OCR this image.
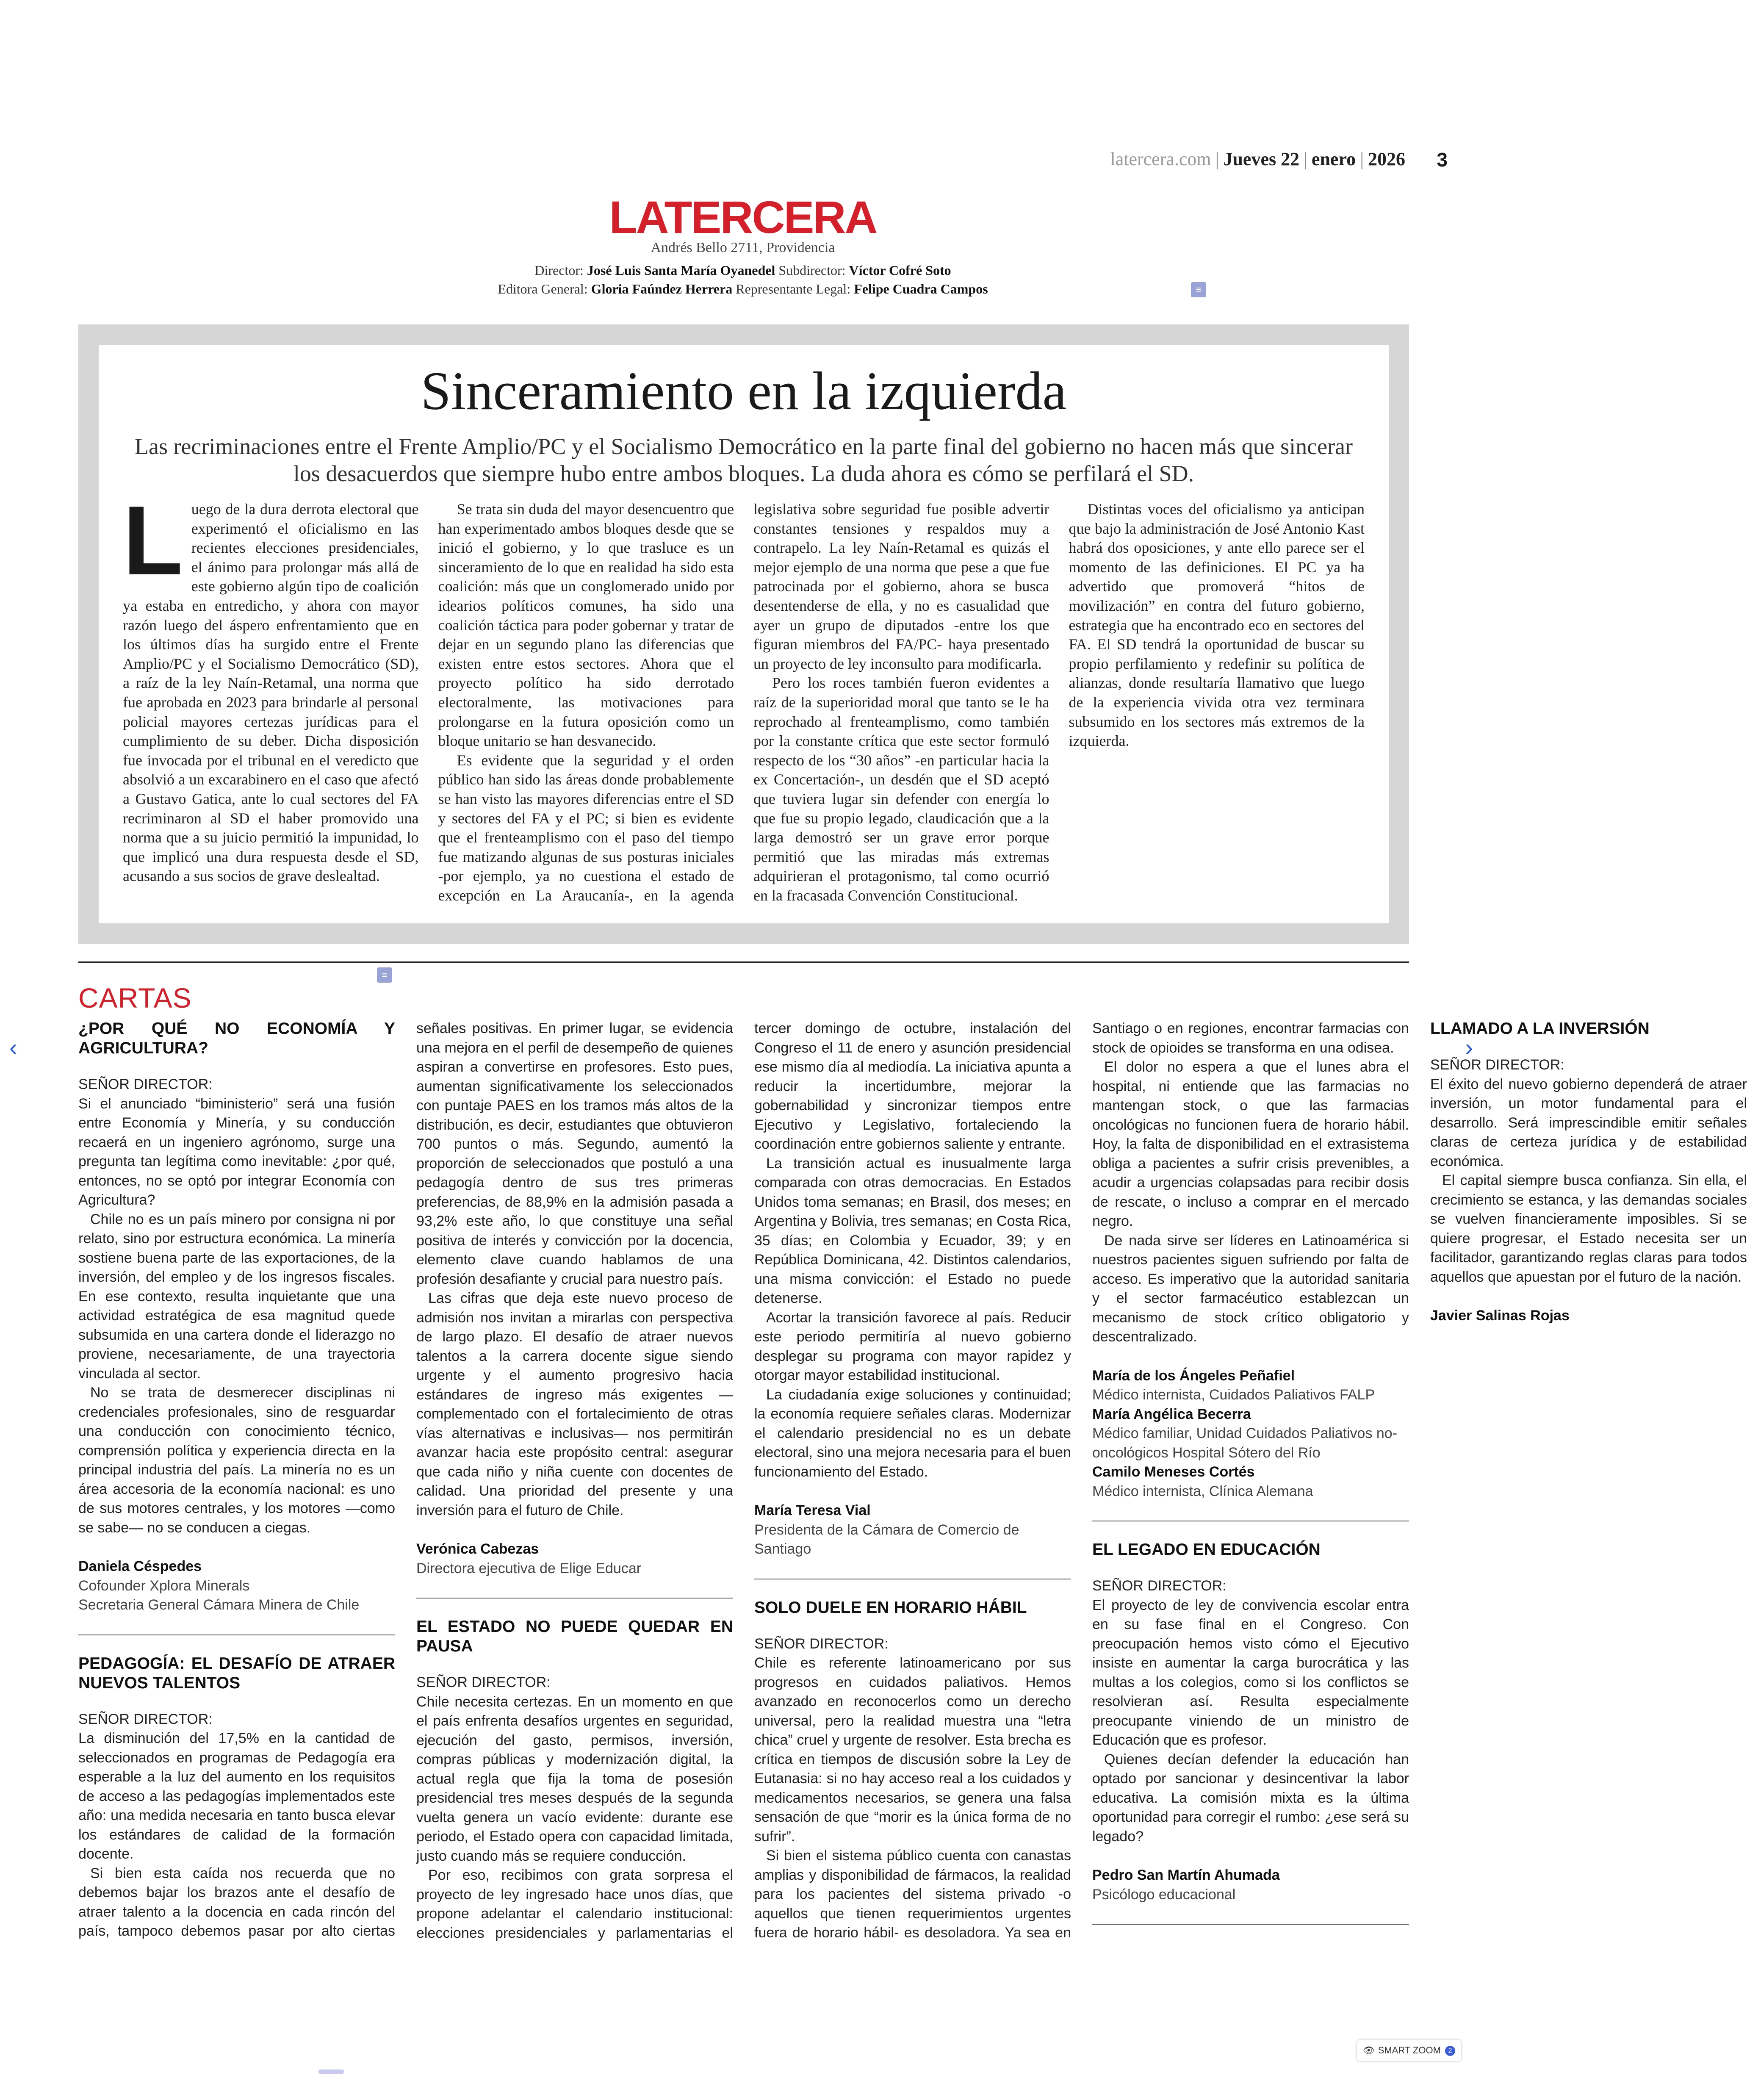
latercera.com | Jueves 22 | enero | 2026 3
LATERCERA
Andrés Bello 2711, Providencia
Director: José Luis Santa María Oyanedel Subdirector: Víctor Cofré Soto
Editora General: Gloria Faúndez Herrera Representante Legal: Felipe Cuadra Campos	≡
Sinceramiento en la izquierda
Las recriminaciones entre el Frente Amplio/PC y el Socialismo Democrático en la parte final del gobierno no hacen más que sincerar los desacuerdos que siempre hubo entre ambos bloques. La duda ahora es cómo se perfilará el SD.
L uego de la dura derrota electoral que experimentó el oficialismo en las recientes elecciones presidenciales, el ánimo para prolongar más allá de este gobierno algún tipo de coalición ya estaba en entredicho, y ahora con mayor razón luego del áspero enfrentamiento que en los últimos días ha surgido entre el Frente Amplio/PC y el Socialismo Democrático (SD), a raíz de la ley Naín-Retamal, una norma que fue aprobada en 2023 para brindarle al personal policial mayores certezas jurídicas para el cumplimiento de su deber. Dicha disposición fue invocada por el tribunal en el veredicto que absolvió a un excarabinero en el caso que afectó a Gustavo Gatica, ante lo cual sectores del FA recriminaron al SD el haber promovido una norma que a su juicio permitió la impunidad, lo que implicó una dura respuesta desde el SD, acusando a sus socios de grave deslealtad.

Se trata sin duda del mayor desencuentro que han experimentado ambos bloques desde que se inició el gobierno, y lo que trasluce es un sinceramiento de lo que en realidad ha sido esta coalición: más que un conglomerado unido por idearios políticos comunes, ha sido una coalición táctica para poder gobernar y tratar de dejar en un segundo plano las diferencias que existen entre estos sectores. Ahora que el proyecto político ha sido derrotado electoralmente, las motivaciones para prolongarse en la futura oposición como un bloque unitario se han desvanecido.

Es evidente que la seguridad y el orden público han sido las áreas donde probablemente se han visto las mayores diferencias entre el SD y sectores del FA y el PC; si bien es evidente que el frenteamplismo con el paso del tiempo fue matizando algunas de sus posturas iniciales -por ejemplo, ya no cuestiona el estado de excepción en La Araucanía-, en la agenda legislativa sobre seguridad fue posible advertir constantes tensiones y respaldos muy a contrapelo. La ley Naín-Retamal es quizás el mejor ejemplo de una norma que pese a que fue patrocinada por el gobierno, ahora se busca desentenderse de ella, y no es casualidad que ayer un grupo de diputados -entre los que figuran miembros del FA/PC- haya presentado un proyecto de ley inconsulto para modificarla.

Pero los roces también fueron evidentes a raíz de la superioridad moral que tanto se le ha reprochado al frenteamplismo, como también por la constante crítica que este sector formuló respecto de los “30 años” -en particular hacia la ex Concertación-, un desdén que el SD aceptó que tuviera lugar sin defender con energía lo que fue su propio legado, claudicación que a la larga demostró ser un grave error porque permitió que las miradas más extremas adquirieran el protagonismo, tal como ocurrió en la fracasada Convención Constitucional.

Distintas voces del oficialismo ya anticipan que bajo la administración de José Antonio Kast habrá dos oposiciones, y ante ello parece ser el momento de las definiciones. El PC ya ha advertido que promoverá “hitos de movilización” en contra del futuro gobierno, estrategia que ha encontrado eco en sectores del FA. El SD tendrá la oportunidad de buscar su propio perfilamiento y redefinir su política de alianzas, donde resultaría llamativo que luego de la experiencia vivida otra vez terminara subsumido en los sectores más extremos de la izquierda.

CARTAS
≡

¿POR QUÉ NO ECONOMÍA Y AGRICULTURA?

SEÑOR DIRECTOR:

Si el anunciado “biministerio” será una fusión entre Economía y Minería, y su conducción recaerá en un ingeniero agrónomo, surge una pregunta tan legítima como inevitable: ¿por qué, entonces, no se optó por integrar Economía con Agricultura?

Chile no es un país minero por consigna ni por relato, sino por estructura económica. La minería sostiene buena parte de las exportaciones, de la inversión, del empleo y de los ingresos fiscales. En ese contexto, resulta inquietante que una actividad estratégica de esa magnitud quede subsumida en una cartera donde el liderazgo no proviene, necesariamente, de una trayectoria vinculada al sector.

No se trata de desmerecer disciplinas ni credenciales profesionales, sino de resguardar una conducción con conocimiento técnico, comprensión política y experiencia directa en la principal industria del país. La minería no es un área accesoria de la economía nacional: es uno de sus motores centrales, y los motores —como se sabe— no se conducen a ciegas.

Daniela Céspedes

Cofounder Xplora Minerals

Secretaria General Cámara Minera de Chile

PEDAGOGÍA: EL DESAFÍO DE ATRAER NUEVOS TALENTOS

SEÑOR DIRECTOR:

La disminución del 17,5% en la cantidad de seleccionados en programas de Pedagogía era esperable a la luz del aumento en los requisitos de acceso a las pedagogías implementados este año: una medida necesaria en tanto busca elevar los estándares de calidad de la formación docente.

Si bien esta caída nos recuerda que no debemos bajar los brazos ante el desafío de atraer talento a la docencia en cada rincón del país, tampoco debemos pasar por alto ciertas señales positivas. En primer lugar, se evidencia una mejora en el perfil de desempeño de quienes aspiran a convertirse en profesores. Esto pues, aumentan significativamente los seleccionados con puntaje PAES en los tramos más altos de la distribución, es decir, estudiantes que obtuvieron 700 puntos o más. Segundo, aumentó la proporción de seleccionados que postuló a una pedagogía dentro de sus tres primeras preferencias, de 88,9% en la admisión pasada a 93,2% este año, lo que constituye una señal positiva de interés y convicción por la docencia, elemento clave cuando hablamos de una profesión desafiante y crucial para nuestro país.

Las cifras que deja este nuevo proceso de admisión nos invitan a mirarlas con perspectiva de largo plazo. El desafío de atraer nuevos talentos a la carrera docente sigue siendo urgente y el aumento progresivo hacia estándares de ingreso más exigentes —complementado con el fortalecimiento de otras vías alternativas e inclusivas— nos permitirán avanzar hacia este propósito central: asegurar que cada niño y niña cuente con docentes de calidad. Una prioridad del presente y una inversión para el futuro de Chile.

Verónica Cabezas

Directora ejecutiva de Elige Educar

EL ESTADO NO PUEDE QUEDAR EN PAUSA

SEÑOR DIRECTOR:

Chile necesita certezas. En un momento en que el país enfrenta desafíos urgentes en seguridad, ejecución del gasto, permisos, inversión, compras públicas y modernización digital, la actual regla que fija la toma de posesión presidencial tres meses después de la segunda vuelta genera un vacío evidente: durante ese periodo, el Estado opera con capacidad limitada, justo cuando más se requiere conducción.

Por eso, recibimos con grata sorpresa el proyecto de ley ingresado hace unos días, que propone adelantar el calendario institucional: elecciones presidenciales y parlamentarias el tercer domingo de octubre, instalación del Congreso el 11 de enero y asunción presidencial ese mismo día al mediodía. La iniciativa apunta a reducir la incertidumbre, mejorar la gobernabilidad y sincronizar tiempos entre Ejecutivo y Legislativo, fortaleciendo la coordinación entre gobiernos saliente y entrante.

La transición actual es inusualmente larga comparada con otras democracias. En Estados Unidos toma semanas; en Brasil, dos meses; en Argentina y Bolivia, tres semanas; en Costa Rica, 35 días; en Colombia y Ecuador, 39; y en República Dominicana, 42. Distintos calendarios, una misma convicción: el Estado no puede detenerse.

Acortar la transición favorece al país. Reducir este periodo permitiría al nuevo gobierno desplegar su programa con mayor rapidez y otorgar mayor estabilidad institucional.

La ciudadanía exige soluciones y continuidad; la economía requiere señales claras. Modernizar el calendario presidencial no es un debate electoral, sino una mejora necesaria para el buen funcionamiento del Estado.

María Teresa Vial

Presidenta de la Cámara de Comercio de Santiago

SOLO DUELE EN HORARIO HÁBIL

SEÑOR DIRECTOR:

Chile es referente latinoamericano por sus progresos en cuidados paliativos. Hemos avanzado en reconocerlos como un derecho universal, pero la realidad muestra una “letra chica” cruel y urgente de resolver. Esta brecha es crítica en tiempos de discusión sobre la Ley de Eutanasia: si no hay acceso real a los cuidados y medicamentos necesarios, se genera una falsa sensación de que “morir es la única forma de no sufrir”.

Si bien el sistema público cuenta con canastas amplias y disponibilidad de fármacos, la realidad para los pacientes del sistema privado -o aquellos que tienen requerimientos urgentes fuera de horario hábil- es desoladora. Ya sea en Santiago o en regiones, encontrar farmacias con stock de opioides se transforma en una odisea.

El dolor no espera a que el lunes abra el hospital, ni entiende que las farmacias no mantengan stock, o que las farmacias oncológicas no funcionen fuera de horario hábil. Hoy, la falta de disponibilidad en el extrasistema obliga a pacientes a sufrir crisis prevenibles, a acudir a urgencias colapsadas para recibir dosis de rescate, o incluso a comprar en el mercado negro.

De nada sirve ser líderes en Latinoamérica si nuestros pacientes siguen sufriendo por falta de acceso. Es imperativo que la autoridad sanitaria y el sector farmacéutico establezcan un mecanismo de stock crítico obligatorio y descentralizado.

María de los Ángeles Peñafiel

Médico internista, Cuidados Paliativos FALP

María Angélica Becerra

Médico familiar, Unidad Cuidados Paliativos no-oncológicos Hospital Sótero del Río

Camilo Meneses Cortés

Médico internista, Clínica Alemana

EL LEGADO EN EDUCACIÓN

SEÑOR DIRECTOR:

El proyecto de ley de convivencia escolar entra en su fase final en el Congreso. Con preocupación hemos visto cómo el Ejecutivo insiste en aumentar la carga burocrática y las multas a los colegios, como si los conflictos se resolvieran así. Resulta especialmente preocupante viniendo de un ministro de Educación que es profesor.

Quienes decían defender la educación han optado por sancionar y desincentivar la labor educativa. La comisión mixta es la última oportunidad para corregir el rumbo: ¿ese será su legado?

Pedro San Martín Ahumada

Psicólogo educacional

LLAMADO A LA INVERSIÓN

SEÑOR DIRECTOR:

El éxito del nuevo gobierno dependerá de atraer inversión, un motor fundamental para el desarrollo. Será imprescindible emitir señales claras de certeza jurídica y de estabilidad económica.

El capital siempre busca confianza. Sin ella, el crecimiento se estanca, y las demandas sociales se vuelven financieramente imposibles. Si se quiere progresar, el Estado necesita ser un facilitador, garantizando reglas claras para todos aquellos que apuestan por el futuro de la nación.

Javier Salinas Rojas

‹	›
👁 SMART ZOOM 2
